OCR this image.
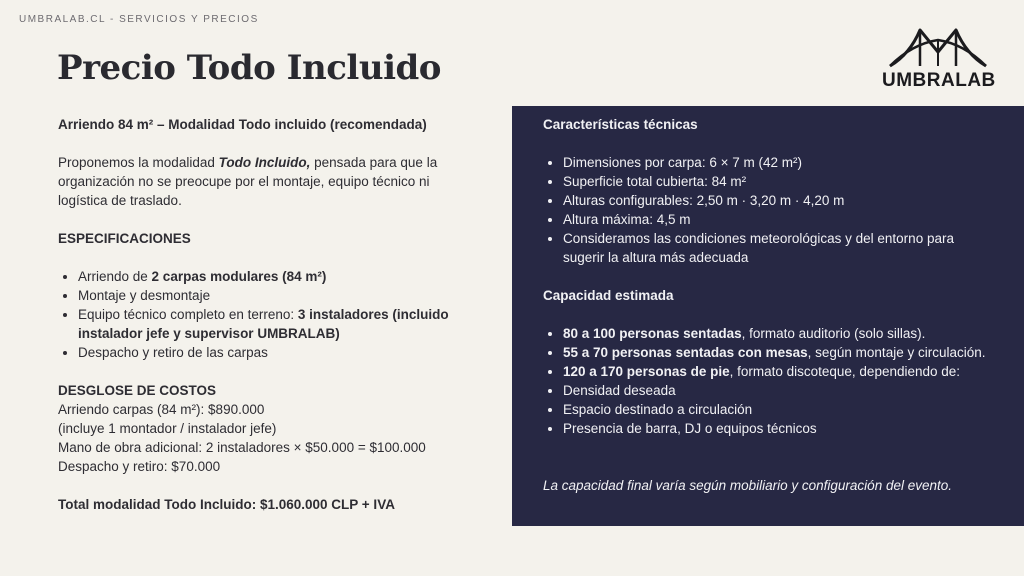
UMBRALAB.CL - SERVICIOS Y PRECIOS
Precio Todo Incluido	UMBRALAB

Arriendo 84 m² – Modalidad Todo incluido (recomendada)

Proponemos la modalidad Todo Incluido, pensada para que la organización no se preocupe por el montaje, equipo técnico ni logística de traslado.

ESPECIFICACIONES

• Arriendo de 2 carpas modulares (84 m²)
• Montaje y desmontaje
• Equipo técnico completo en terreno: 3 instaladores (incluido instalador jefe y supervisor UMBRALAB)
• Despacho y retiro de las carpas

DESGLOSE DE COSTOS

Arriendo carpas (84 m²): $890.000

(incluye 1 montador / instalador jefe)

Mano de obra adicional: 2 instaladores × $50.000 = $100.000

Despacho y retiro: $70.000

Total modalidad Todo Incluido: $1.060.000 CLP + IVA

Características técnicas

• Dimensiones por carpa: 6 × 7 m (42 m²)
• Superficie total cubierta: 84 m²
• Alturas configurables: 2,50 m · 3,20 m · 4,20 m
• Altura máxima: 4,5 m
• Consideramos las condiciones meteorológicas y del entorno para sugerir la altura más adecuada

Capacidad estimada

• 80 a 100 personas sentadas, formato auditorio (solo sillas).
• 55 a 70 personas sentadas con mesas, según montaje y circulación.
• 120 a 170 personas de pie, formato discoteque, dependiendo de:
• Densidad deseada
• Espacio destinado a circulación
• Presencia de barra, DJ o equipos técnicos

La capacidad final varía según mobiliario y configuración del evento.
